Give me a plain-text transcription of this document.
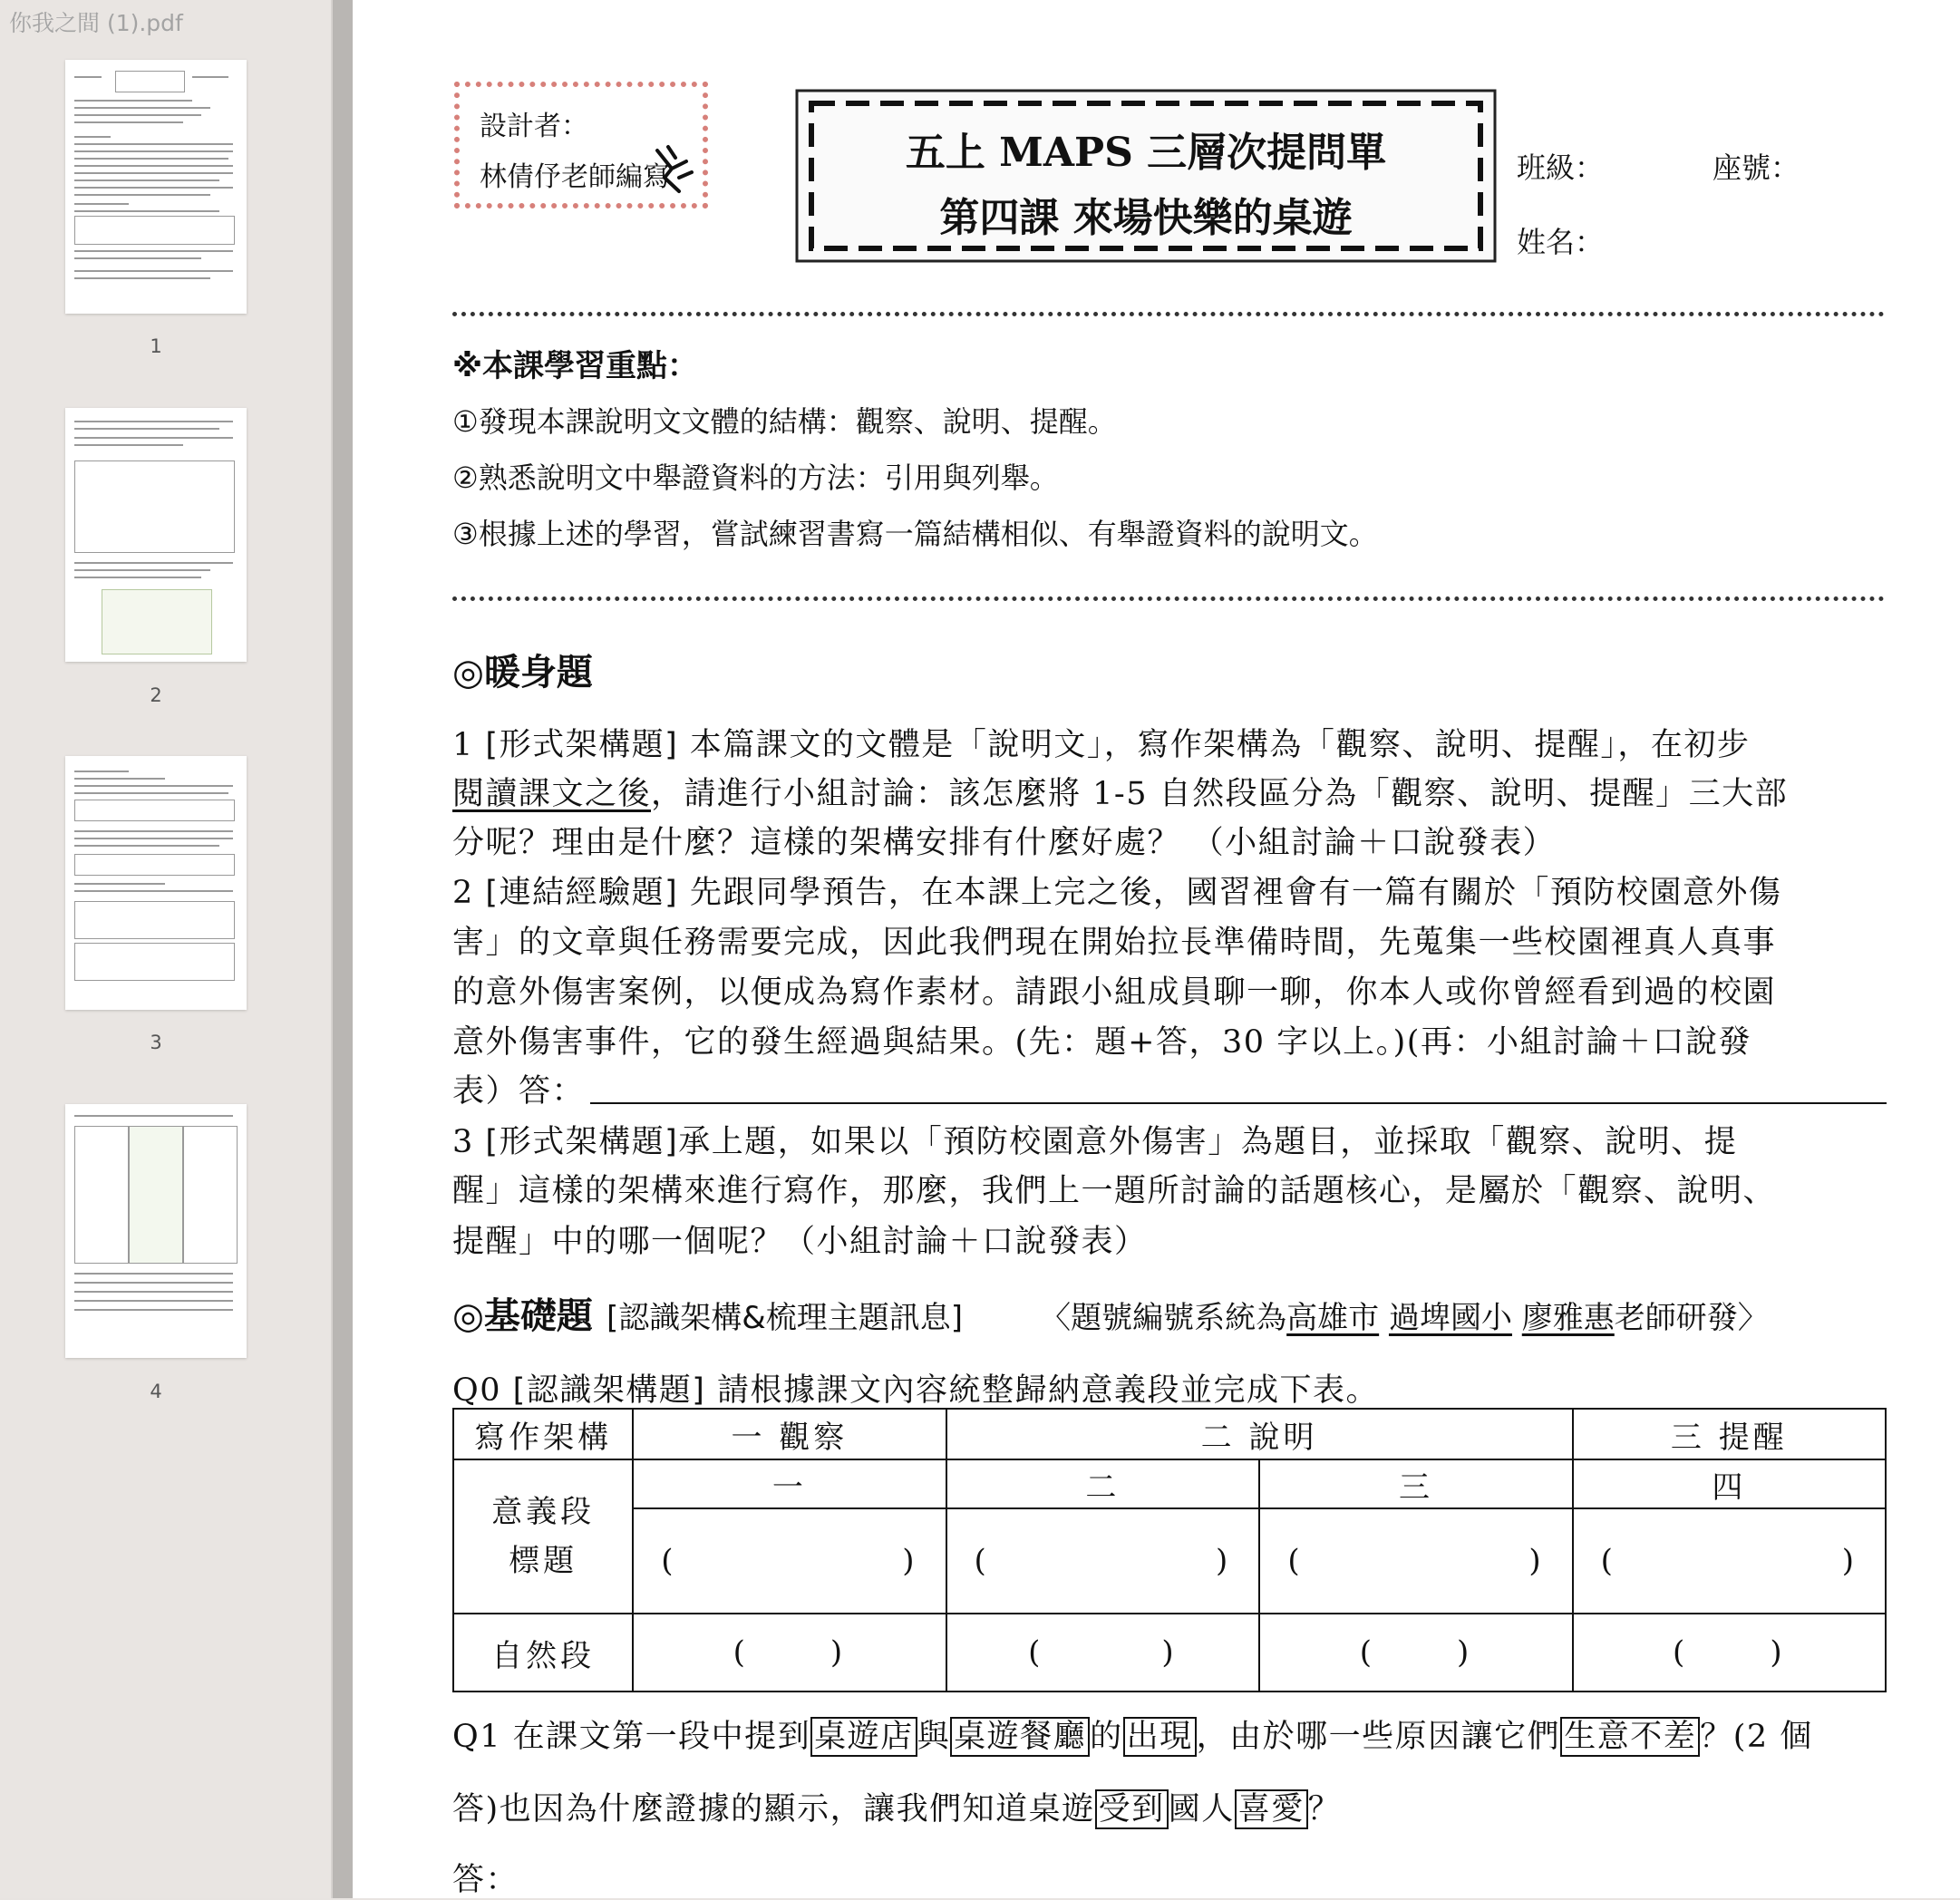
你我之間 (1).pdf
1
2
3
4
設計者：
林倩伃老師編寫
五上 MAPS 三層次提問單
第四課 來場快樂的桌遊
班級：	座號：
姓名：
※本課學習重點：
①發現本課說明文文體的結構：觀察、說明、提醒。
②熟悉說明文中舉證資料的方法：引用與列舉。
③根據上述的學習，嘗試練習書寫一篇結構相似、有舉證資料的說明文。
◎暖身題
1 [形式架構題] 本篇課文的文體是「說明文」，寫作架構為「觀察、說明、提醒」，在初步
閱讀課文之後，請進行小組討論：該怎麼將 1-5 自然段區分為「觀察、說明、提醒」三大部
分呢？理由是什麼？這樣的架構安排有什麼好處？ （小組討論＋口說發表）
2 [連結經驗題] 先跟同學預告，在本課上完之後，國習裡會有一篇有關於「預防校園意外傷
害」的文章與任務需要完成，因此我們現在開始拉長準備時間，先蒐集一些校園裡真人真事
的意外傷害案例，以便成為寫作素材。請跟小組成員聊一聊，你本人或你曾經看到過的校園
意外傷害事件，它的發生經過與結果。(先：題+答，30 字以上。)(再：小組討論＋口說發
表）答：
3 [形式架構題]承上題，如果以「預防校園意外傷害」為題目，並採取「觀察、說明、提
醒」這樣的架構來進行寫作，那麼，我們上一題所討論的話題核心，是屬於「觀察、說明、
提醒」中的哪一個呢？（小組討論＋口說發表）
◎基礎題 [認識架構&梳理主題訊息]	〈題號編號系統為高雄市 過埤國小 廖雅惠老師研發〉
Q0 [認識架構題] 請根據課文內容統整歸納意義段並完成下表。
寫作架構	一 觀察	二 說明		三 提醒

意義段
標題	一	二	三	四

	( )	( )	( )	( )

自然段	( )	( )	( )	( )
Q1 在課文第一段中提到 桌遊店 與 桌遊餐廳 的 出現 ，由於哪一些原因讓它們 生意不差 ？(2 個
答)也因為什麼證據的顯示，讓我們知道桌遊 受到 國人 喜愛 ？
答：
